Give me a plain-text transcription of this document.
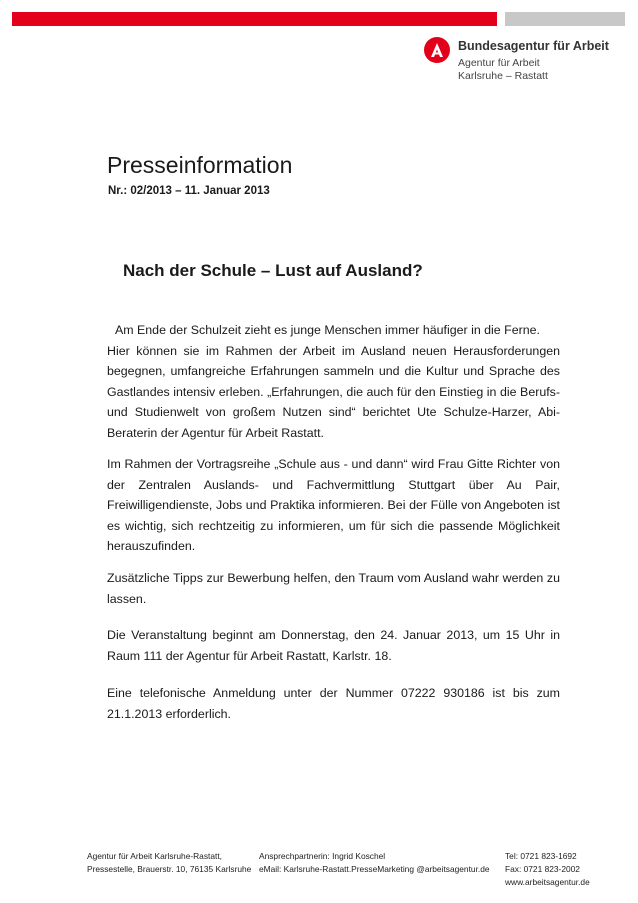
Bundesagentur für Arbeit
Agentur für Arbeit
Karlsruhe – Rastatt
Presseinformation
Nr.: 02/2013 – 11. Januar 2013
Nach der Schule – Lust auf Ausland?
Am Ende der Schulzeit zieht es junge Menschen immer häufiger in die Ferne.
Hier können sie im Rahmen der Arbeit im Ausland neuen Herausforderungen begegnen, umfangreiche Erfahrungen sammeln und die Kultur und Sprache des Gastlandes intensiv erleben. „Erfahrungen, die auch für den Einstieg in die Berufs- und Studienwelt von großem Nutzen sind“ berichtet Ute Schulze-Harzer, Abi-Beraterin der Agentur für Arbeit Rastatt.
Im Rahmen der Vortragsreihe „Schule aus - und dann“ wird Frau Gitte Richter von der Zentralen Auslands- und Fachvermittlung Stuttgart über Au Pair, Freiwilligendienste, Jobs und Praktika informieren. Bei der Fülle von Angeboten ist es wichtig, sich rechtzeitig zu informieren, um für sich die passende Möglichkeit herauszufinden.
Zusätzliche Tipps zur Bewerbung helfen, den Traum vom Ausland wahr werden zu lassen.
Die Veranstaltung beginnt am Donnerstag, den 24. Januar 2013, um 15 Uhr in Raum 111 der Agentur für Arbeit Rastatt, Karlstr. 18.
Eine telefonische Anmeldung unter der Nummer 07222 930186 ist bis zum 21.1.2013 erforderlich.
Agentur für Arbeit Karlsruhe-Rastatt,
Pressestelle, Brauerstr. 10, 76135 Karlsruhe
Ansprechpartnerin: Ingrid Koschel
eMail: Karlsruhe-Rastatt.PresseMarketing @arbeitsagentur.de
Tel: 0721 823-1692
Fax: 0721 823-2002
www.arbeitsagentur.de
